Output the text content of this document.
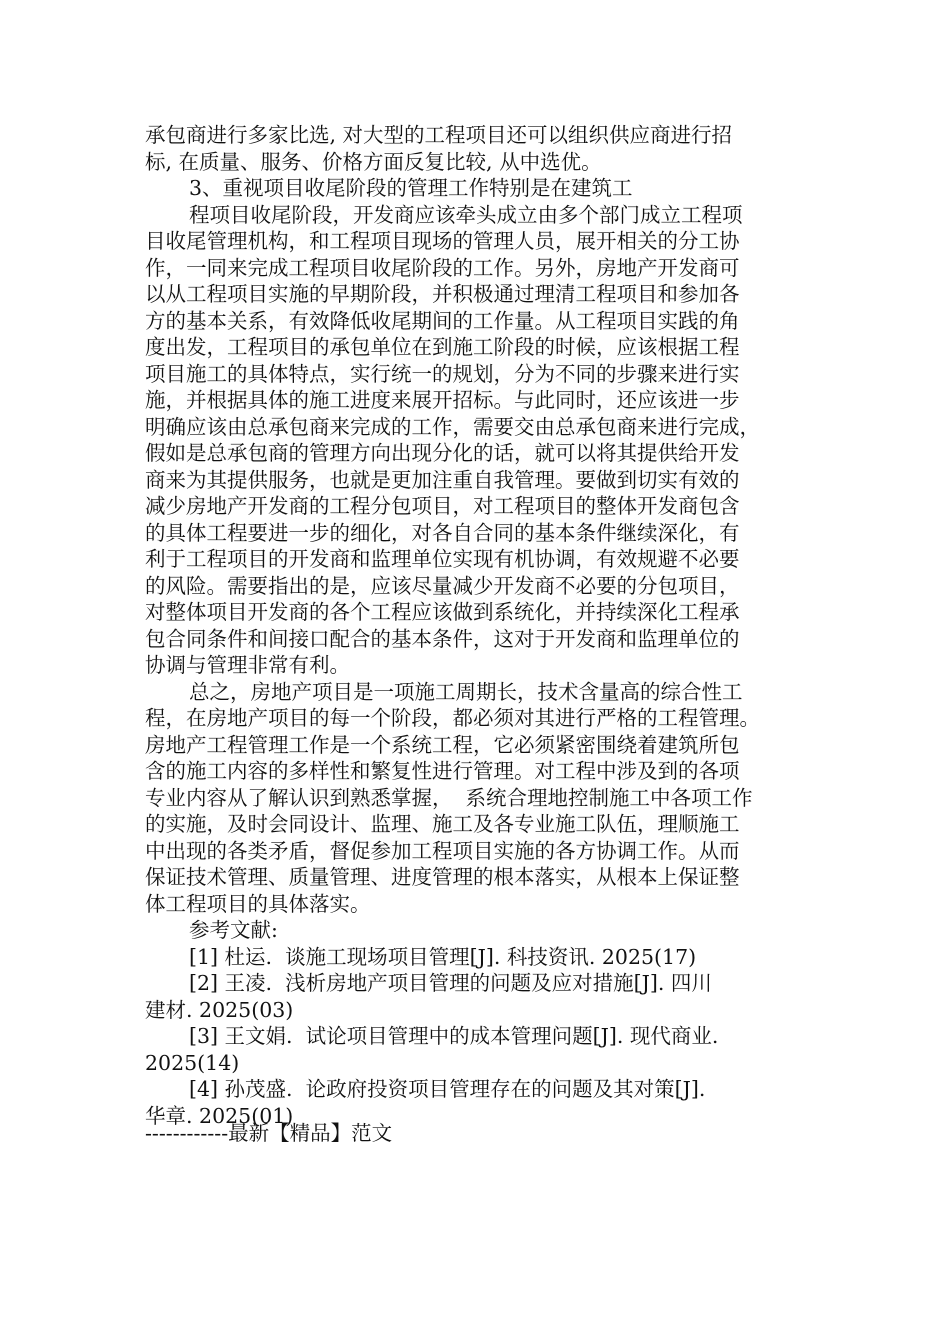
承包商进行多家比选, 对大型的工程项目还可以组织供应商进行招
标, 在质量、服务、价格方面反复比较, 从中选优。
3、重视项目收尾阶段的管理工作特别是在建筑工
程项目收尾阶段，开发商应该牵头成立由多个部门成立工程项
目收尾管理机构，和工程项目现场的管理人员，展开相关的分工协
作，一同来完成工程项目收尾阶段的工作。另外，房地产开发商可
以从工程项目实施的早期阶段，并积极通过理清工程项目和参加各
方的基本关系，有效降低收尾期间的工作量。从工程项目实践的角
度出发，工程项目的承包单位在到施工阶段的时候，应该根据工程
项目施工的具体特点，实行统一的规划，分为不同的步骤来进行实
施，并根据具体的施工进度来展开招标。与此同时，还应该进一步
明确应该由总承包商来完成的工作，需要交由总承包商来进行完成，
假如是总承包商的管理方向出现分化的话，就可以将其提供给开发
商来为其提供服务，也就是更加注重自我管理。要做到切实有效的
减少房地产开发商的工程分包项目，对工程项目的整体开发商包含
的具体工程要进一步的细化，对各自合同的基本条件继续深化，有
利于工程项目的开发商和监理单位实现有机协调，有效规避不必要
的风险。需要指出的是，应该尽量减少开发商不必要的分包项目，
对整体项目开发商的各个工程应该做到系统化，并持续深化工程承
包合同条件和间接口配合的基本条件，这对于开发商和监理单位的
协调与管理非常有利。
总之，房地产项目是一项施工周期长，技术含量高的综合性工
程，在房地产项目的每一个阶段，都必须对其进行严格的工程管理。
房地产工程管理工作是一个系统工程，它必须紧密围绕着建筑所包
含的施工内容的多样性和繁复性进行管理。对工程中涉及到的各项
专业内容从了解认识到熟悉掌握，  系统合理地控制施工中各项工作
的实施，及时会同设计、监理、施工及各专业施工队伍，理顺施工
中出现的各类矛盾，督促参加工程项目实施的各方协调工作。从而
保证技术管理、质量管理、进度管理的根本落实，从根本上保证整
体工程项目的具体落实。
参考文献:
[1] 杜运.  谈施工现场项目管理[J]. 科技资讯. 2025(17)
[2] 王凌.  浅析房地产项目管理的问题及应对措施[J]. 四川
建材. 2025(03)
[3] 王文娟.  试论项目管理中的成本管理问题[J]. 现代商业.
2025(14)
[4] 孙茂盛.  论政府投资项目管理存在的问题及其对策[J].
华章. 2025(01)
------------最新【精品】范文
